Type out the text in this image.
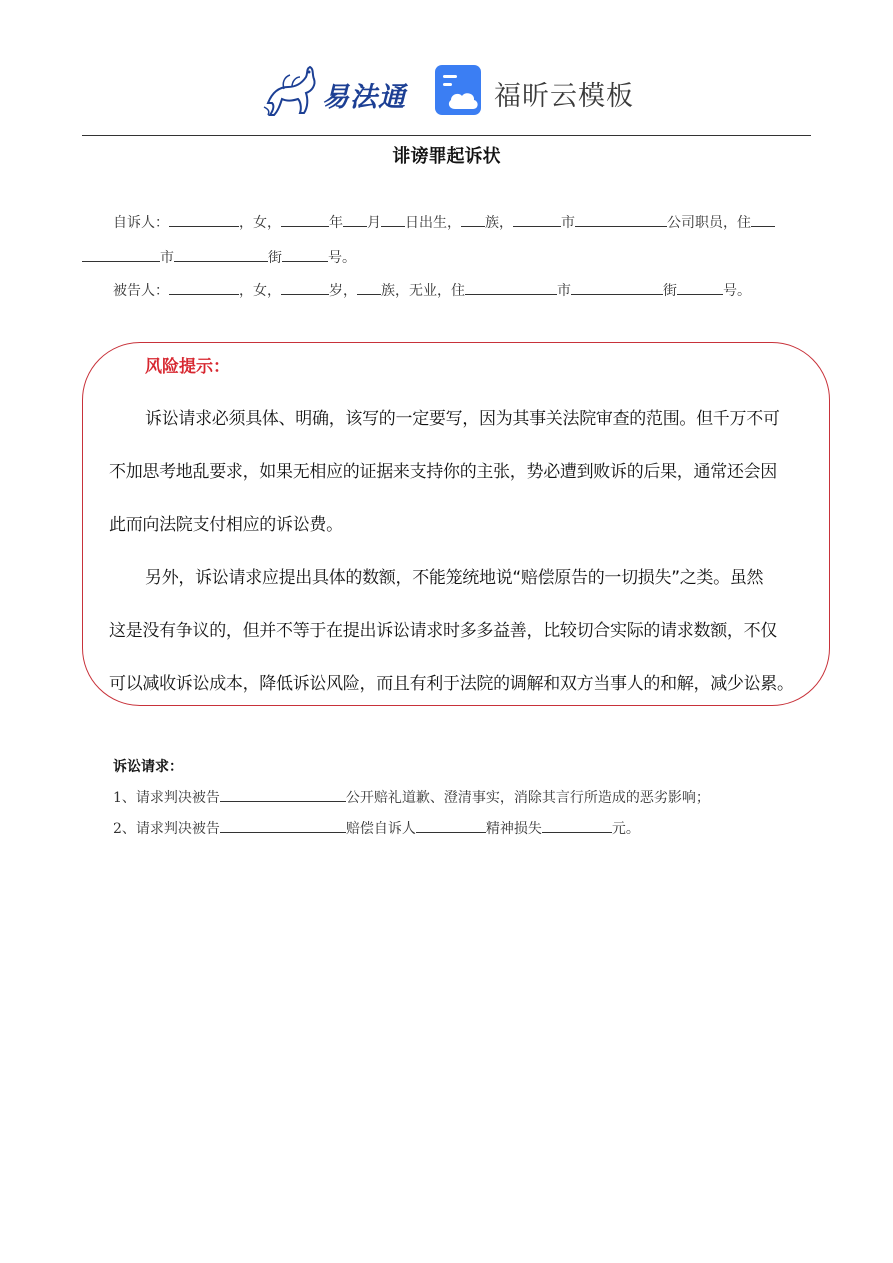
易法通	福昕云模板
诽谤罪起诉状
自诉人：	，女，	年 月 日出生， 族，	市	公司职员，住
市	街	号。
被告人：	，女，	岁， 族，无业，住	市	街	号。
风险提示：
诉讼请求必须具体、明确，该写的一定要写，因为其事关法院审查的范围。但千万不可
不加思考地乱要求，如果无相应的证据来支持你的主张，势必遭到败诉的后果，通常还会因
此而向法院支付相应的诉讼费。
另外，诉讼请求应提出具体的数额，不能笼统地说“赔偿原告的一切损失”之类。虽然
这是没有争议的，但并不等于在提出诉讼请求时多多益善，比较切合实际的请求数额，不仅
可以减收诉讼成本，降低诉讼风险，而且有利于法院的调解和双方当事人的和解，减少讼累。
诉讼请求：
1、请求判决被告	公开赔礼道歉、澄清事实，消除其言行所造成的恶劣影响；
2、请求判决被告	赔偿自诉人	精神损失	元。
